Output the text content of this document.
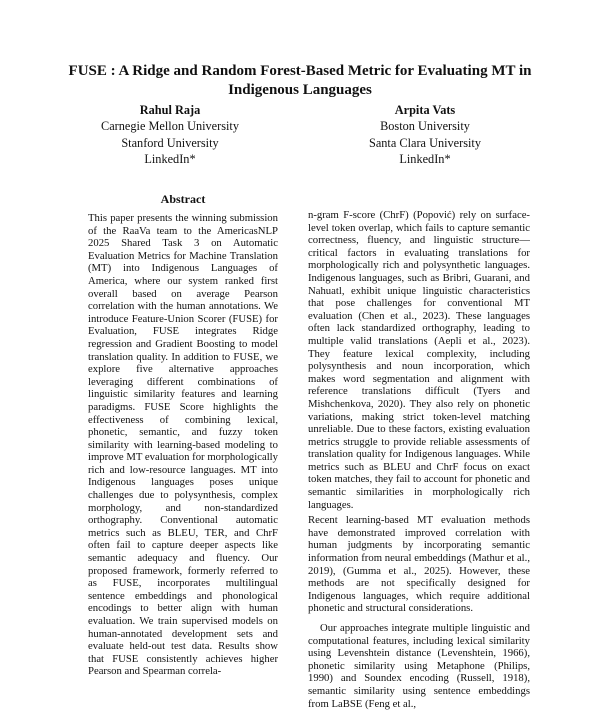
FUSE : A Ridge and Random Forest-Based Metric for Evaluating MT in Indigenous Languages
Rahul Raja
Carnegie Mellon University
Stanford University
LinkedIn*
Arpita Vats
Boston University
Santa Clara University
LinkedIn*
Abstract

This paper presents the winning submission of the RaaVa team to the AmericasNLP 2025 Shared Task 3 on Automatic Evaluation Metrics for Machine Translation (MT) into Indigenous Languages of America, where our system ranked first overall based on average Pearson correlation with the human annotations. We introduce Feature-Union Scorer (FUSE) for Evaluation, FUSE integrates Ridge regression and Gradient Boosting to model translation quality. In addition to FUSE, we explore five alternative approaches leveraging different combinations of linguistic similarity features and learning paradigms. FUSE Score highlights the effectiveness of combining lexical, phonetic, semantic, and fuzzy token similarity with learning-based modeling to improve MT evaluation for morphologically rich and low-resource languages. MT into Indigenous languages poses unique challenges due to polysynthesis, complex morphology, and non-standardized orthography. Conventional automatic metrics such as BLEU, TER, and ChrF often fail to capture deeper aspects like semantic adequacy and fluency. Our proposed framework, formerly referred to as FUSE, incorporates multilingual sentence embeddings and phonological encodings to better align with human evaluation. We train supervised models on human-annotated development sets and evaluate held-out test data. Results show that FUSE consistently achieves higher Pearson and Spearman correla-

n-gram F-score (ChrF) (Popović) rely on surface-level token overlap, which fails to capture semantic correctness, fluency, and linguistic structure—critical factors in evaluating translations for morphologically rich and polysynthetic languages. Indigenous languages, such as Bribri, Guarani, and Nahuatl, exhibit unique linguistic characteristics that pose challenges for conventional MT evaluation (Chen et al., 2023). These languages often lack standardized orthography, leading to multiple valid translations (Aepli et al., 2023). They feature lexical complexity, including polysynthesis and noun incorporation, which makes word segmentation and alignment with reference translations difficult (Tyers and Mishchenkova, 2020). They also rely on phonetic variations, making strict token-level matching unreliable. Due to these factors, existing evaluation metrics struggle to provide reliable assessments of translation quality for Indigenous languages. While metrics such as BLEU and ChrF focus on exact token matches, they fail to account for phonetic and semantic similarities in morphologically rich languages.

Recent learning-based MT evaluation methods have demonstrated improved correlation with human judgments by incorporating semantic information from neural embeddings (Mathur et al., 2019), (Gumma et al., 2025). However, these methods are not specifically designed for Indigenous languages, which require additional phonetic and structural considerations.

Our approaches integrate multiple linguistic and computational features, including lexical similarity using Levenshtein distance (Levenshtein, 1966), phonetic similarity using Metaphone (Philips, 1990) and Soundex encoding (Russell, 1918), semantic similarity using sentence embeddings from LaBSE (Feng et al.,
